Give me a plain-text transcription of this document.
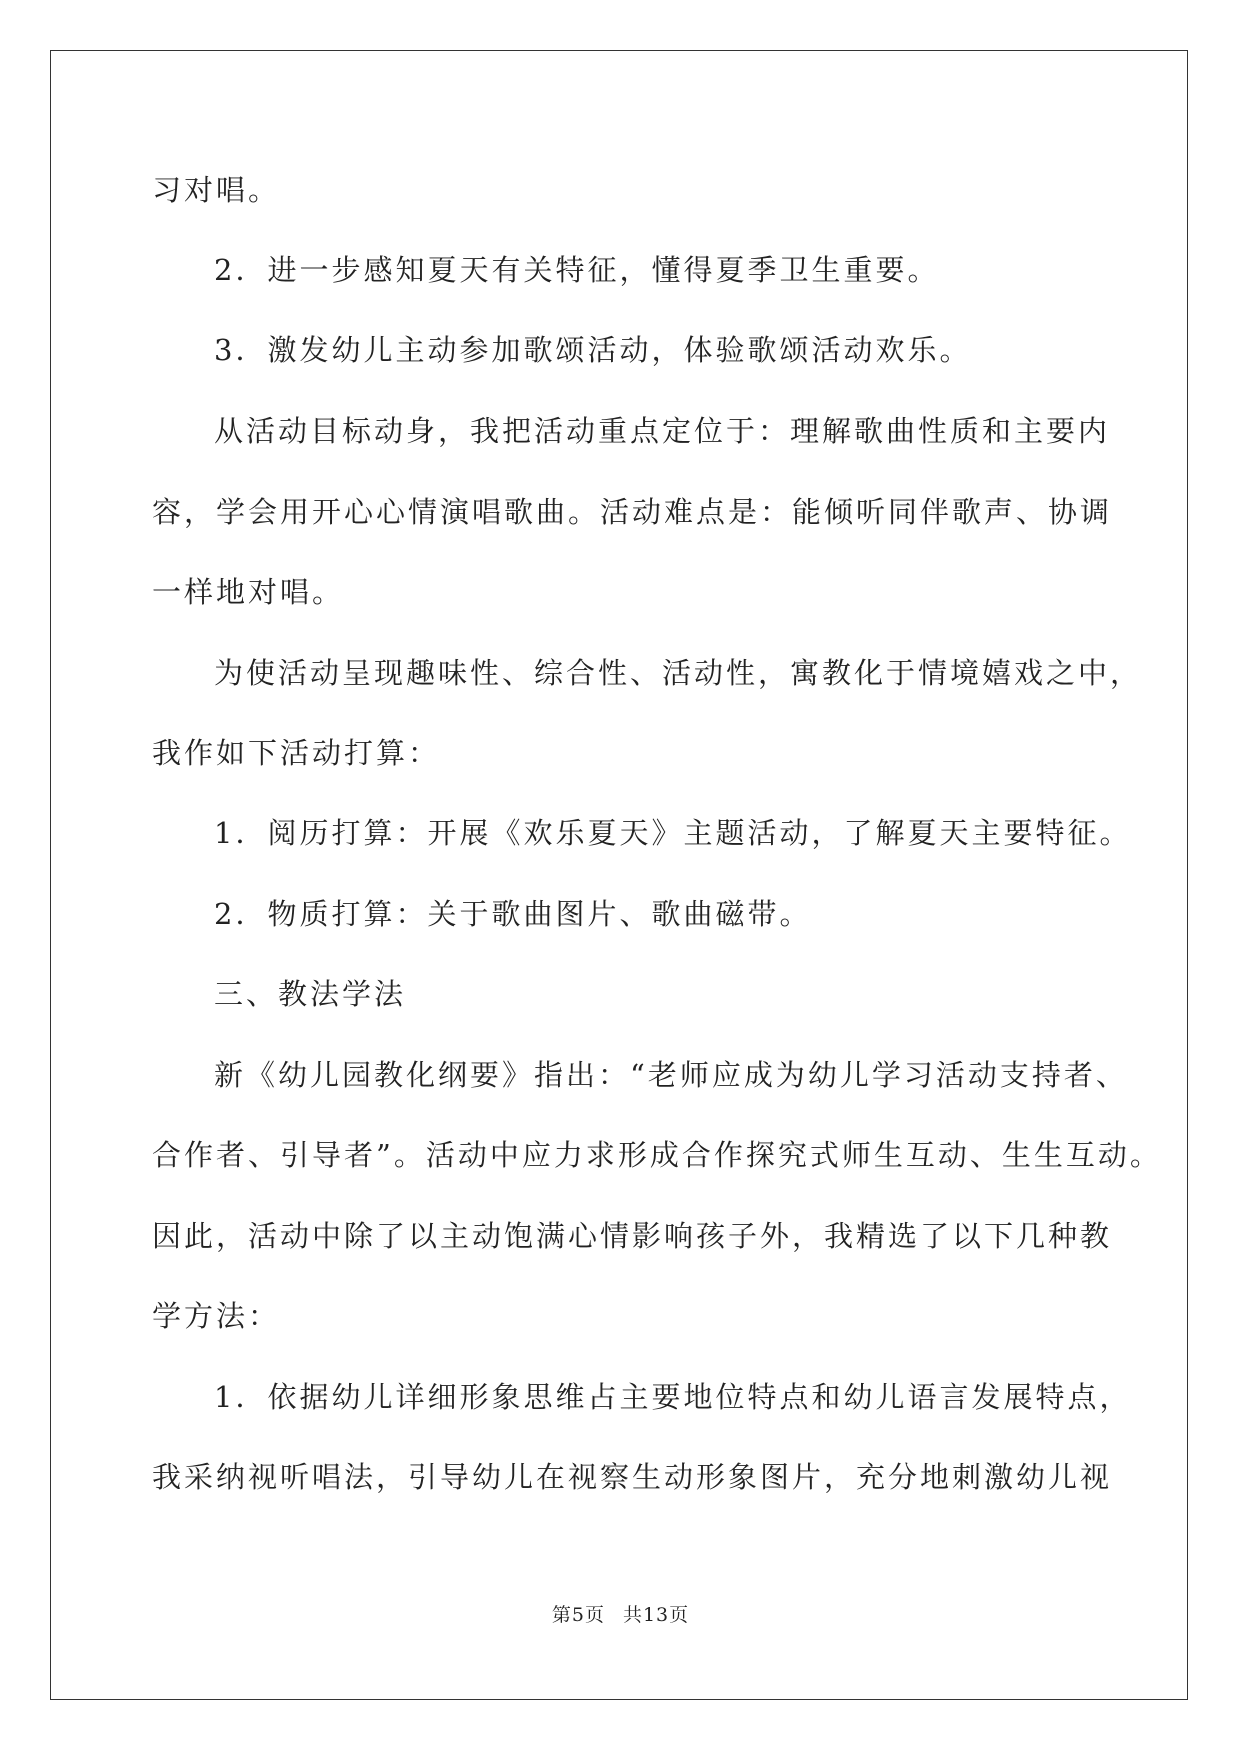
习对唱。

2．进一步感知夏天有关特征，懂得夏季卫生重要。

3．激发幼儿主动参加歌颂活动，体验歌颂活动欢乐。

从活动目标动身，我把活动重点定位于：理解歌曲性质和主要内

容，学会用开心心情演唱歌曲。活动难点是：能倾听同伴歌声、协调

一样地对唱。

为使活动呈现趣味性、综合性、活动性，寓教化于情境嬉戏之中，

我作如下活动打算：

1．阅历打算：开展《欢乐夏天》主题活动，了解夏天主要特征。

2．物质打算：关于歌曲图片、歌曲磁带。

三、教法学法

新《幼儿园教化纲要》指出：“老师应成为幼儿学习活动支持者、

合作者、引导者”。活动中应力求形成合作探究式师生互动、生生互动。

因此，活动中除了以主动饱满心情影响孩子外，我精选了以下几种教

学方法：

1．依据幼儿详细形象思维占主要地位特点和幼儿语言发展特点，

我采纳视听唱法，引导幼儿在视察生动形象图片，充分地刺激幼儿视

第5页 共13页
